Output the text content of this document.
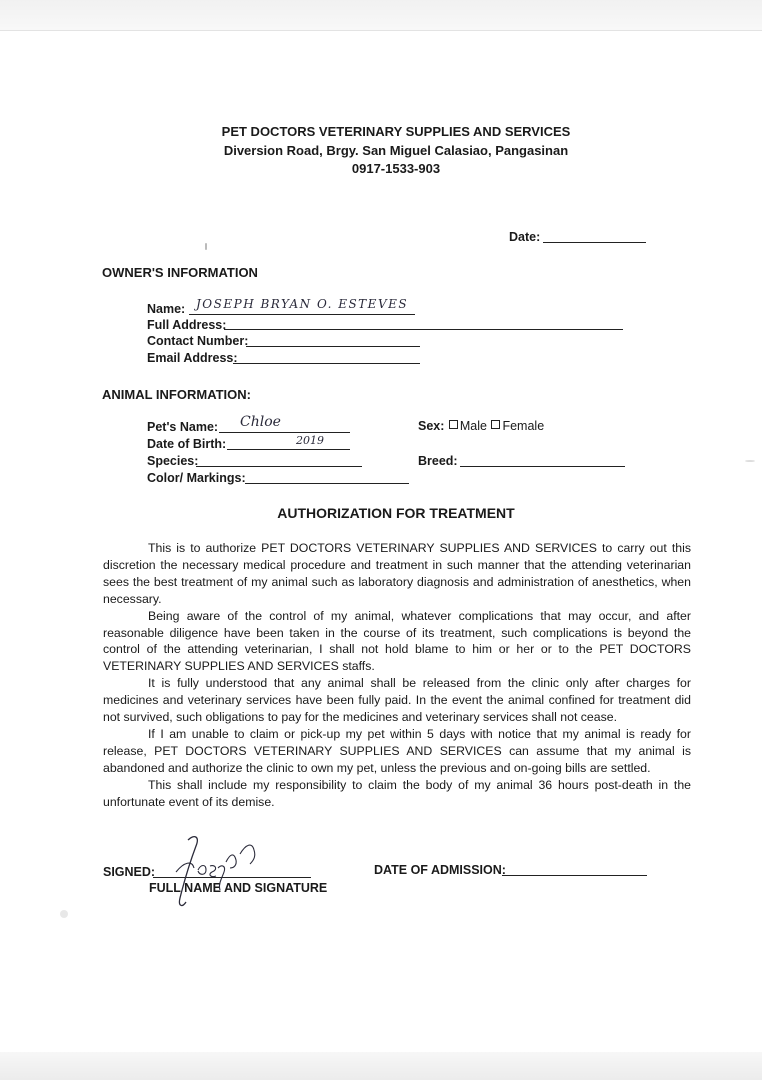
PET DOCTORS VETERINARY SUPPLIES AND SERVICES
Diversion Road, Brgy. San Miguel Calasiao, Pangasinan
0917-1533-903
Date:
OWNER'S INFORMATION
Name: JOSEPH BRYAN O. ESTEVES
Full Address:
Contact Number:
Email Address:
ANIMAL INFORMATION:
Pet's Name: Chloe
Date of Birth:	2019
Species:
Color/ Markings:
Sex: Male Female
Breed:
AUTHORIZATION FOR TREATMENT

This is to authorize PET DOCTORS VETERINARY SUPPLIES AND SERVICES to carry out this discretion the necessary medical procedure and treatment in such manner that the attending veterinarian sees the best treatment of my animal such as laboratory diagnosis and administration of anesthetics, when necessary.

Being aware of the control of my animal, whatever complications that may occur, and after reasonable diligence have been taken in the course of its treatment, such complications is beyond the control of the attending veterinarian, I shall not hold blame to him or her or to the PET DOCTORS VETERINARY SUPPLIES AND SERVICES staffs.

It is fully understood that any animal shall be released from the clinic only after charges for medicines and veterinary services have been fully paid. In the event the animal confined for treatment did not survived, such obligations to pay for the medicines and veterinary services shall not cease.

If I am unable to claim or pick-up my pet within 5 days with notice that my animal is ready for release, PET DOCTORS VETERINARY SUPPLIES AND SERVICES can assume that my animal is abandoned and authorize the clinic to own my pet, unless the previous and on-going bills are settled.

This shall include my responsibility to claim the body of my animal 36 hours post-death in the unfortunate event of its demise.

SIGNED:
FULL NAME AND SIGNATURE
DATE OF ADMISSION:
